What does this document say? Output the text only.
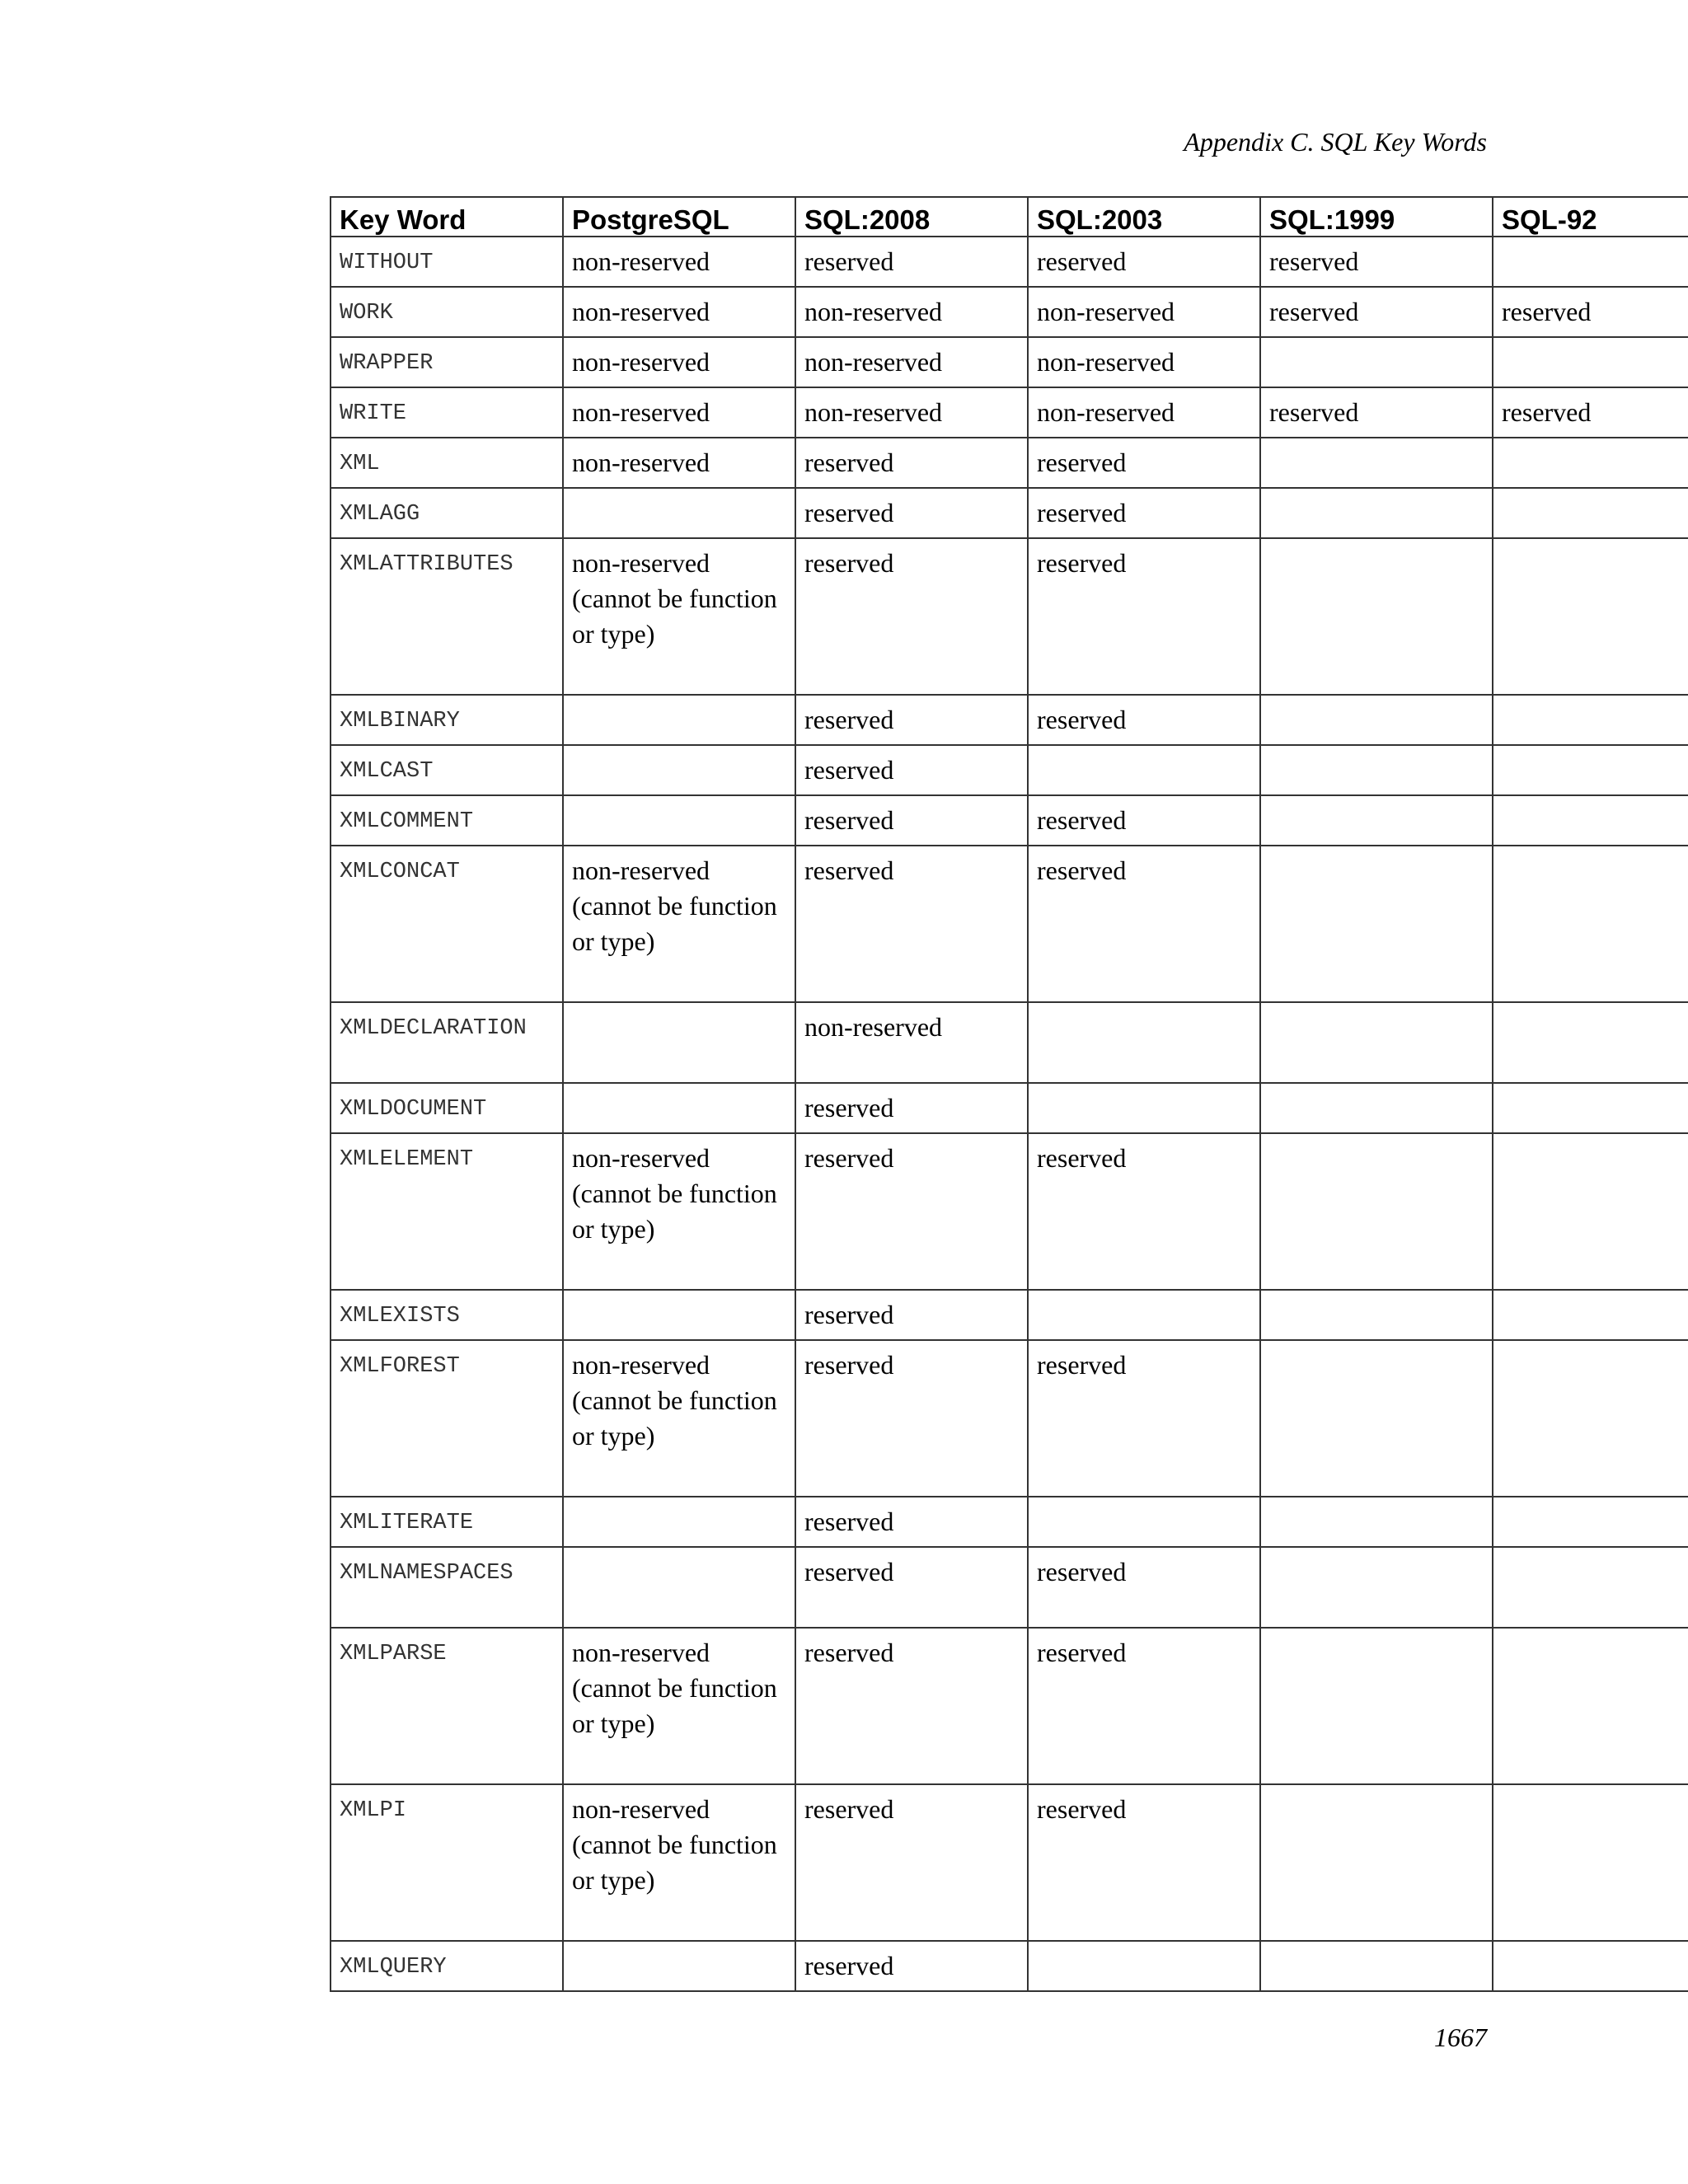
Appendix C. SQL Key Words
Key Word	PostgreSQL	SQL:2008	SQL:2003	SQL:1999	SQL-92
WITHOUT	non-reserved	reserved	reserved	reserved	
WORK	non-reserved	non-reserved	non-reserved	reserved	reserved
WRAPPER	non-reserved	non-reserved	non-reserved		
WRITE	non-reserved	non-reserved	non-reserved	reserved	reserved
XML	non-reserved	reserved	reserved		
XMLAGG		reserved	reserved		
XMLATTRIBUTES	non-reserved (cannot be function or type)	reserved	reserved		
XMLBINARY		reserved	reserved		
XMLCAST		reserved			
XMLCOMMENT		reserved	reserved		
XMLCONCAT	non-reserved (cannot be function or type)	reserved	reserved		
XMLDECLARATION		non-reserved			
XMLDOCUMENT		reserved			
XMLELEMENT	non-reserved (cannot be function or type)	reserved	reserved		
XMLEXISTS		reserved			
XMLFOREST	non-reserved (cannot be function or type)	reserved	reserved		
XMLITERATE		reserved			
XMLNAMESPACES		reserved	reserved		
XMLPARSE	non-reserved (cannot be function or type)	reserved	reserved		
XMLPI	non-reserved (cannot be function or type)	reserved	reserved		
XMLQUERY		reserved			
1667
